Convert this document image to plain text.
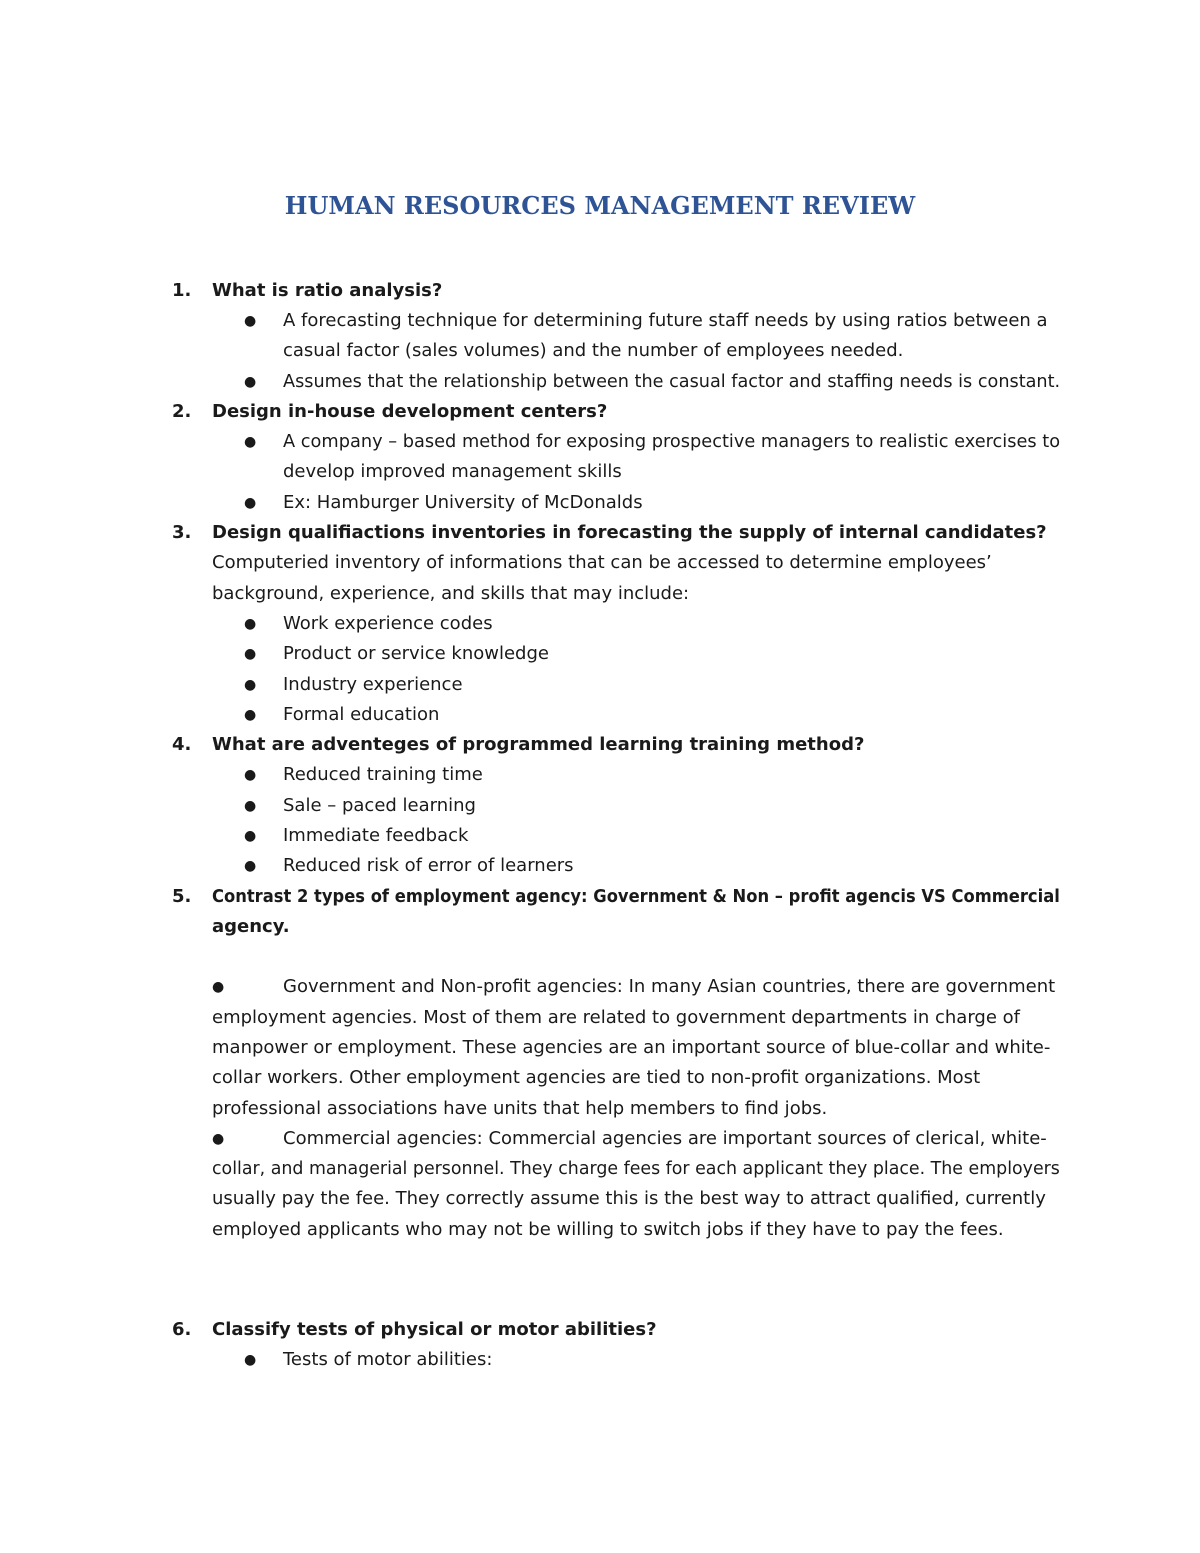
HUMAN RESOURCES MANAGEMENT REVIEW
1.	What is ratio analysis?
● A forecasting technique for determining future staff needs by using ratios between a
casual factor (sales volumes) and the number of employees needed.
● Assumes that the relationship between the casual factor and staffing needs is constant.
2.	Design in-house development centers?
● A company – based method for exposing prospective managers to realistic exercises to
develop improved management skills
● Ex: Hamburger University of McDonalds
3.	Design qualifiactions inventories in forecasting the supply of internal candidates?
Computeried inventory of informations that can be accessed to determine employees’
background, experience, and skills that may include:
● Work experience codes
● Product or service knowledge
● Industry experience
● Formal education
4.	What are adventeges of programmed learning training method?
● Reduced training time
● Sale – paced learning
● Immediate feedback
● Reduced risk of error of learners
5.	Contrast 2 types of employment agency: Government & Non – profit agencis VS Commercial
agency.
●	Government and Non-profit agencies: In many Asian countries, there are government
employment agencies. Most of them are related to government departments in charge of
manpower or employment. These agencies are an important source of blue-collar and white-
collar workers. Other employment agencies are tied to non-profit organizations. Most
professional associations have units that help members to find jobs.
●	Commercial agencies: Commercial agencies are important sources of clerical, white-
collar, and managerial personnel. They charge fees for each applicant they place. The employers
usually pay the fee. They correctly assume this is the best way to attract qualified, currently
employed applicants who may not be willing to switch jobs if they have to pay the fees.
6.	Classify tests of physical or motor abilities?
● Tests of motor abilities:
